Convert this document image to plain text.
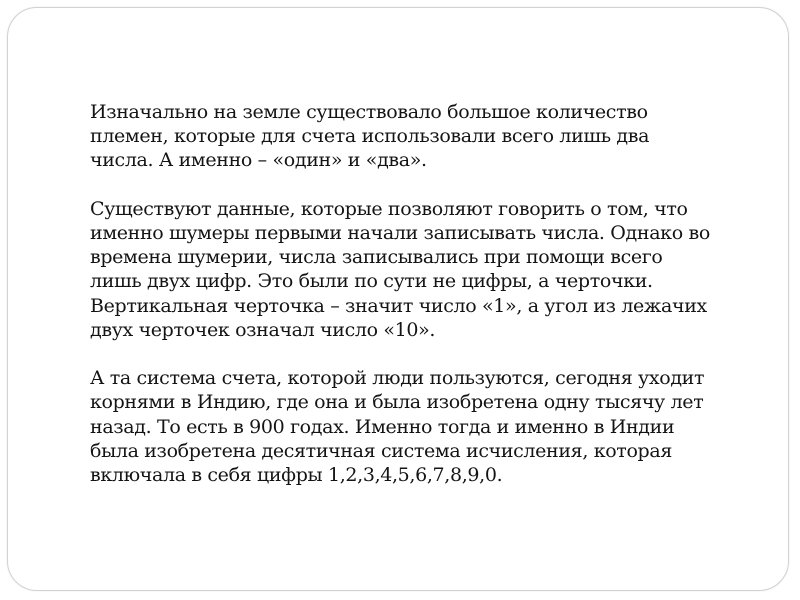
Изначально на земле существовало большое количество
племен, которые для счета использовали всего лишь два
числа. А именно – «один» и «два».

Существуют данные, которые позволяют говорить о том, что
именно шумеры первыми начали записывать числа. Однако во
времена шумерии, числа записывались при помощи всего
лишь двух цифр. Это были по сути не цифры, а черточки.
Вертикальная черточка – значит число «1», а угол из лежачих
двух черточек означал число «10».

А та система счета, которой люди пользуются, сегодня уходит
корнями в Индию, где она и была изобретена одну тысячу лет
назад. То есть в 900 годах. Именно тогда и именно в Индии
была изобретена десятичная система исчисления, которая
включала в себя цифры 1,2,3,4,5,6,7,8,9,0.
